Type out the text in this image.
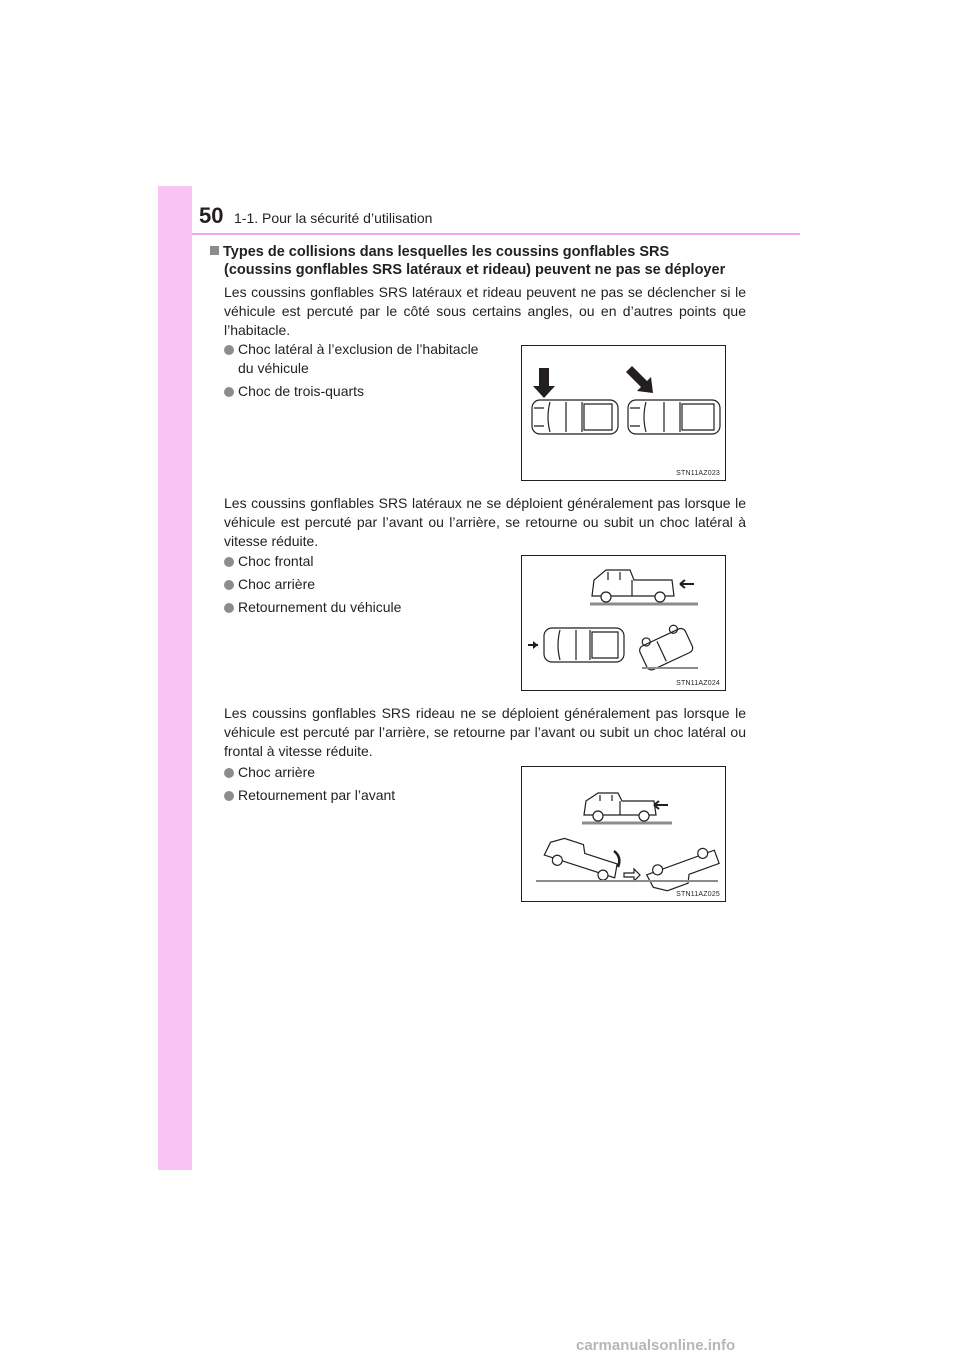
50 1-1. Pour la sécurité d’utilisation
Types de collisions dans lesquelles les coussins gonflables SRS
(coussins gonflables SRS latéraux et rideau) peuvent ne pas se déployer
Les coussins gonflables SRS latéraux et rideau peuvent ne pas se déclencher si le véhicule est percuté par le côté sous certains angles, ou en d’autres points que l’habitacle.
Choc latéral à l’exclusion de l’habitacle
du véhicule
Choc de trois-quarts
STN11AZ023
Les coussins gonflables SRS latéraux ne se déploient généralement pas lorsque le véhicule est percuté par l’avant ou l’arrière, se retourne ou subit un choc latéral à vitesse réduite.
Choc frontal
Choc arrière
Retournement du véhicule
STN11AZ024
Les coussins gonflables SRS rideau ne se déploient généralement pas lorsque le véhicule est percuté par l’arrière, se retourne par l’avant ou subit un choc latéral ou frontal à vitesse réduite.
Choc arrière
Retournement par l’avant
STN11AZ025
carmanualsonline.info
